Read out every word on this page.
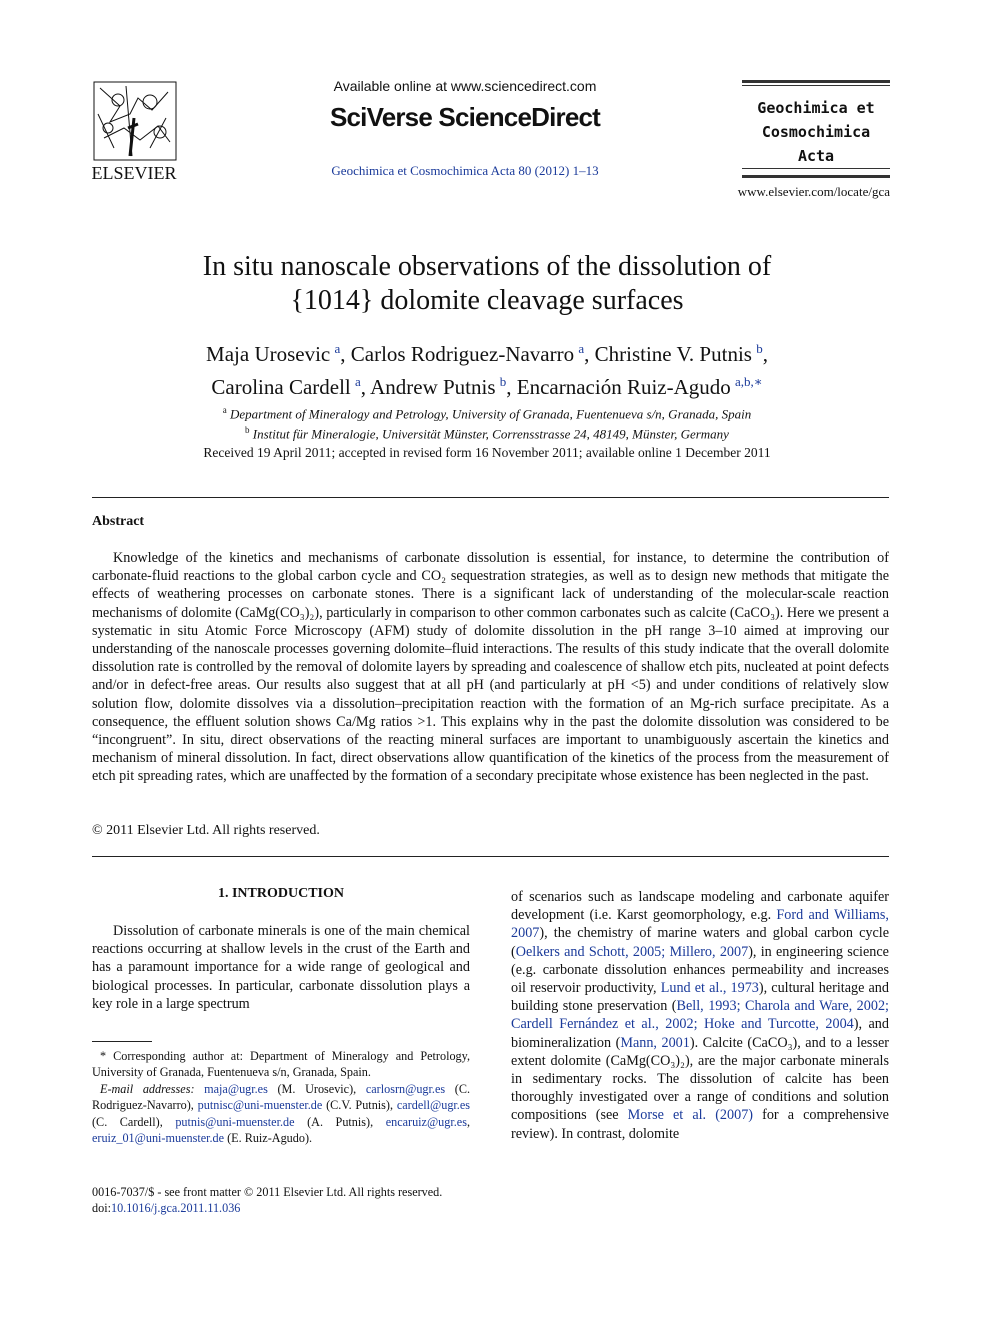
ELSEVIER
Available online at www.sciencedirect.com
SciVerse ScienceDirect
Geochimica et Cosmochimica Acta 80 (2012) 1–13
Geochimica et
Cosmochimica
Acta
www.elsevier.com/locate/gca
In situ nanoscale observations of the dissolution of
{1014} dolomite cleavage surfaces
Maja Urosevic  $^a$, Carlos Rodriguez-Navarro  $^a$, Christine V. Putnis  $^b$,
Carolina Cardell  $^a$, Andrew Putnis  $^b$, Encarnación Ruiz-Agudo  $^{a,b,∗}$
$^a$ Department of Mineralogy and Petrology, University of Granada, Fuentenueva s/n, Granada, Spain
$^b$ Institut für Mineralogie, Universität Münster, Corrensstrasse 24, 48149, Münster, Germany
Received 19 April 2011; accepted in revised form 16 November 2011; available online 1 December 2011
Abstract

Knowledge of the kinetics and mechanisms of carbonate dissolution is essential, for instance, to determine the contribution of carbonate-fluid reactions to the global carbon cycle and CO₂ sequestration strategies, as well as to design new methods that mitigate the effects of weathering processes on carbonate stones. There is a significant lack of understanding of the molecular-scale reaction mechanisms of dolomite (CaMg(CO₃)₂), particularly in comparison to other common carbonates such as calcite (CaCO₃). Here we present a systematic in situ Atomic Force Microscopy (AFM) study of dolomite dissolution in the pH range 3–10 aimed at improving our understanding of the nanoscale processes governing dolomite–fluid interactions. The results of this study indicate that the overall dolomite dissolution rate is controlled by the removal of dolomite layers by spreading and coalescence of shallow etch pits, nucleated at point defects and/or in defect-free areas. Our results also suggest that at all pH (and particularly at pH <5) and under conditions of relatively slow solution flow, dolomite dissolves via a dissolution–precipitation reaction with the formation of an Mg-rich surface precipitate. As a consequence, the effluent solution shows Ca/Mg ratios >1. This explains why in the past the dolomite dissolution was considered to be “incongruent”. In situ, direct observations of the reacting mineral surfaces are important to unambiguously ascertain the kinetics and mechanism of mineral dissolution. In fact, direct observations allow quantification of the kinetics of the process from the measurement of etch pit spreading rates, which are unaffected by the formation of a secondary precipitate whose existence has been neglected in the past.

© 2011 Elsevier Ltd. All rights reserved.
1. INTRODUCTION
Dissolution of carbonate minerals is one of the main chemical reactions occurring at shallow levels in the crust of the Earth and has a paramount importance for a wide range of geological and biological processes. In particular, carbonate dissolution plays a key role in a large spectrum
of scenarios such as landscape modeling and carbonate aquifer development (i.e. Karst geomorphology, e.g. Ford and Williams, 2007), the chemistry of marine waters and global carbon cycle (Oelkers and Schott, 2005; Millero, 2007), in engineering science (e.g. carbonate dissolution enhances permeability and increases oil reservoir productivity, Lund et al., 1973), cultural heritage and building stone preservation (Bell, 1993; Charola and Ware, 2002; Cardell Fernández et al., 2002; Hoke and Turcotte, 2004), and biomineralization (Mann, 2001). Calcite (CaCO₃), and to a lesser extent dolomite (CaMg(CO₃)₂), are the major carbonate minerals in sedimentary rocks. The dissolution of calcite has been thoroughly investigated over a range of conditions and solution compositions (see Morse et al. (2007) for a comprehensive review). In contrast, dolomite

* Corresponding author at: Department of Mineralogy and Petrology, University of Granada, Fuentenueva s/n, Granada, Spain.

E-mail addresses: maja@ugr.es (M. Urosevic), carlosrn@ugr.es (C. Rodriguez-Navarro), putnisc@uni-muenster.de (C.V. Putnis), cardell@ugr.es (C. Cardell), putnis@uni-muenster.de (A. Putnis), encaruiz@ugr.es, eruiz_01@uni-muenster.de (E. Ruiz-Agudo).

0016-7037/$ - see front matter © 2011 Elsevier Ltd. All rights reserved.
doi:10.1016/j.gca.2011.11.036
